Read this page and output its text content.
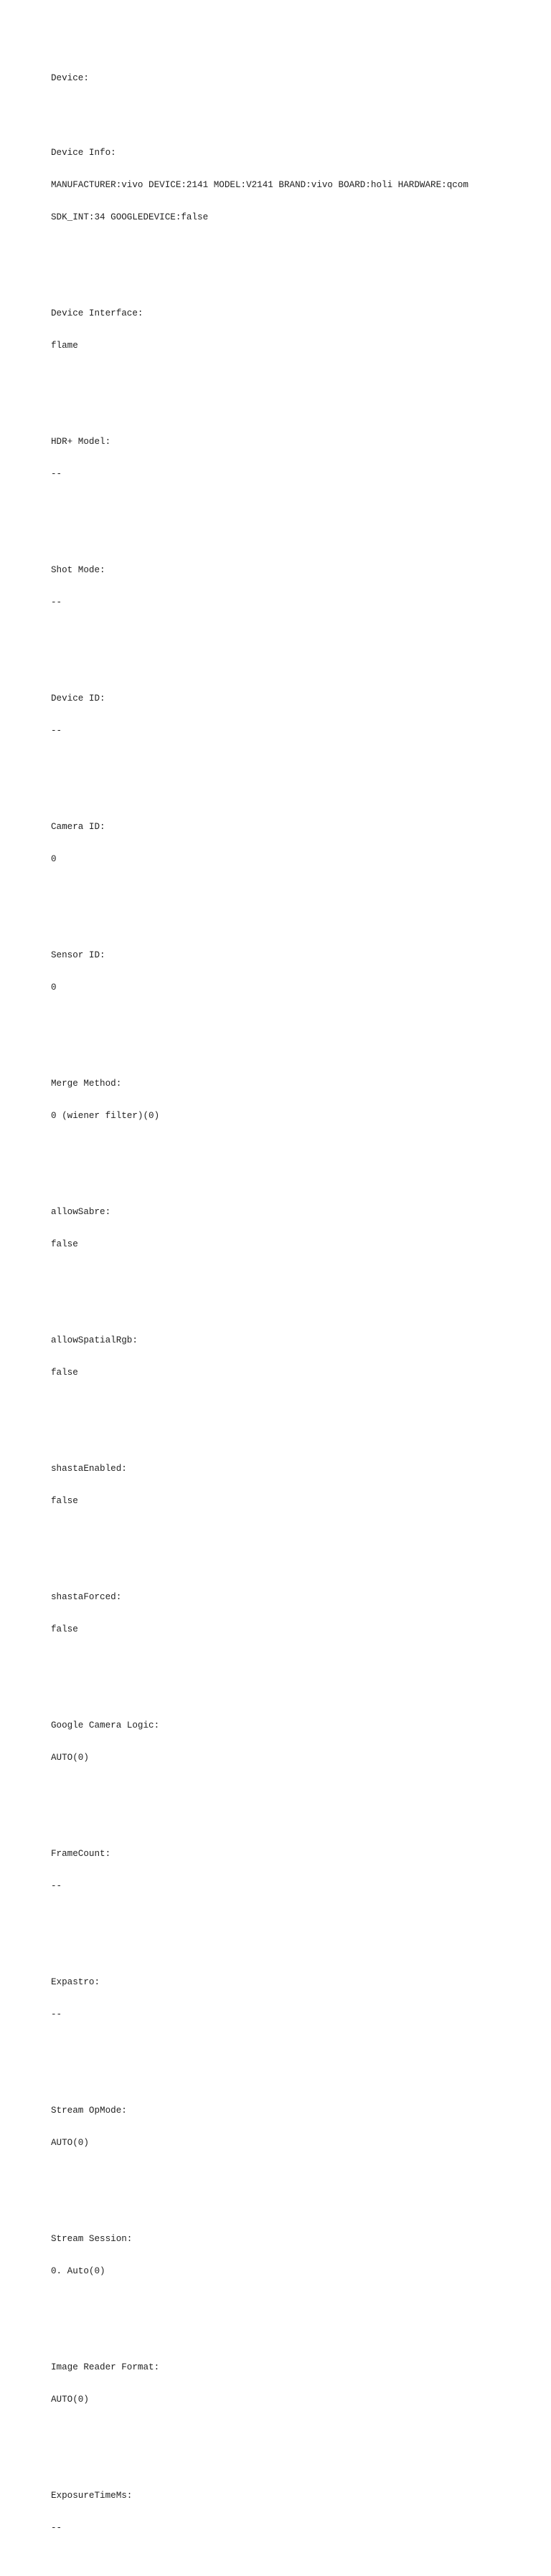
Device:

Device Info:

MANUFACTURER:vivo DEVICE:2141 MODEL:V2141 BRAND:vivo BOARD:holi HARDWARE:qcom

SDK_INT:34 GOOGLEDEVICE:false

Device Interface:

flame

HDR+ Model:

--

Shot Mode:

--

Device ID:

--

Camera ID:

0

Sensor ID:

0

Merge Method:

0 (wiener filter)(0)

allowSabre:

false

allowSpatialRgb:

false

shastaEnabled:

false

shastaForced:

false

Google Camera Logic:

AUTO(0)

FrameCount:

--

Expastro:

--

Stream OpMode:

AUTO(0)

Stream Session:

0. Auto(0)

Image Reader Format:

AUTO(0)

ExposureTimeMs:

--
